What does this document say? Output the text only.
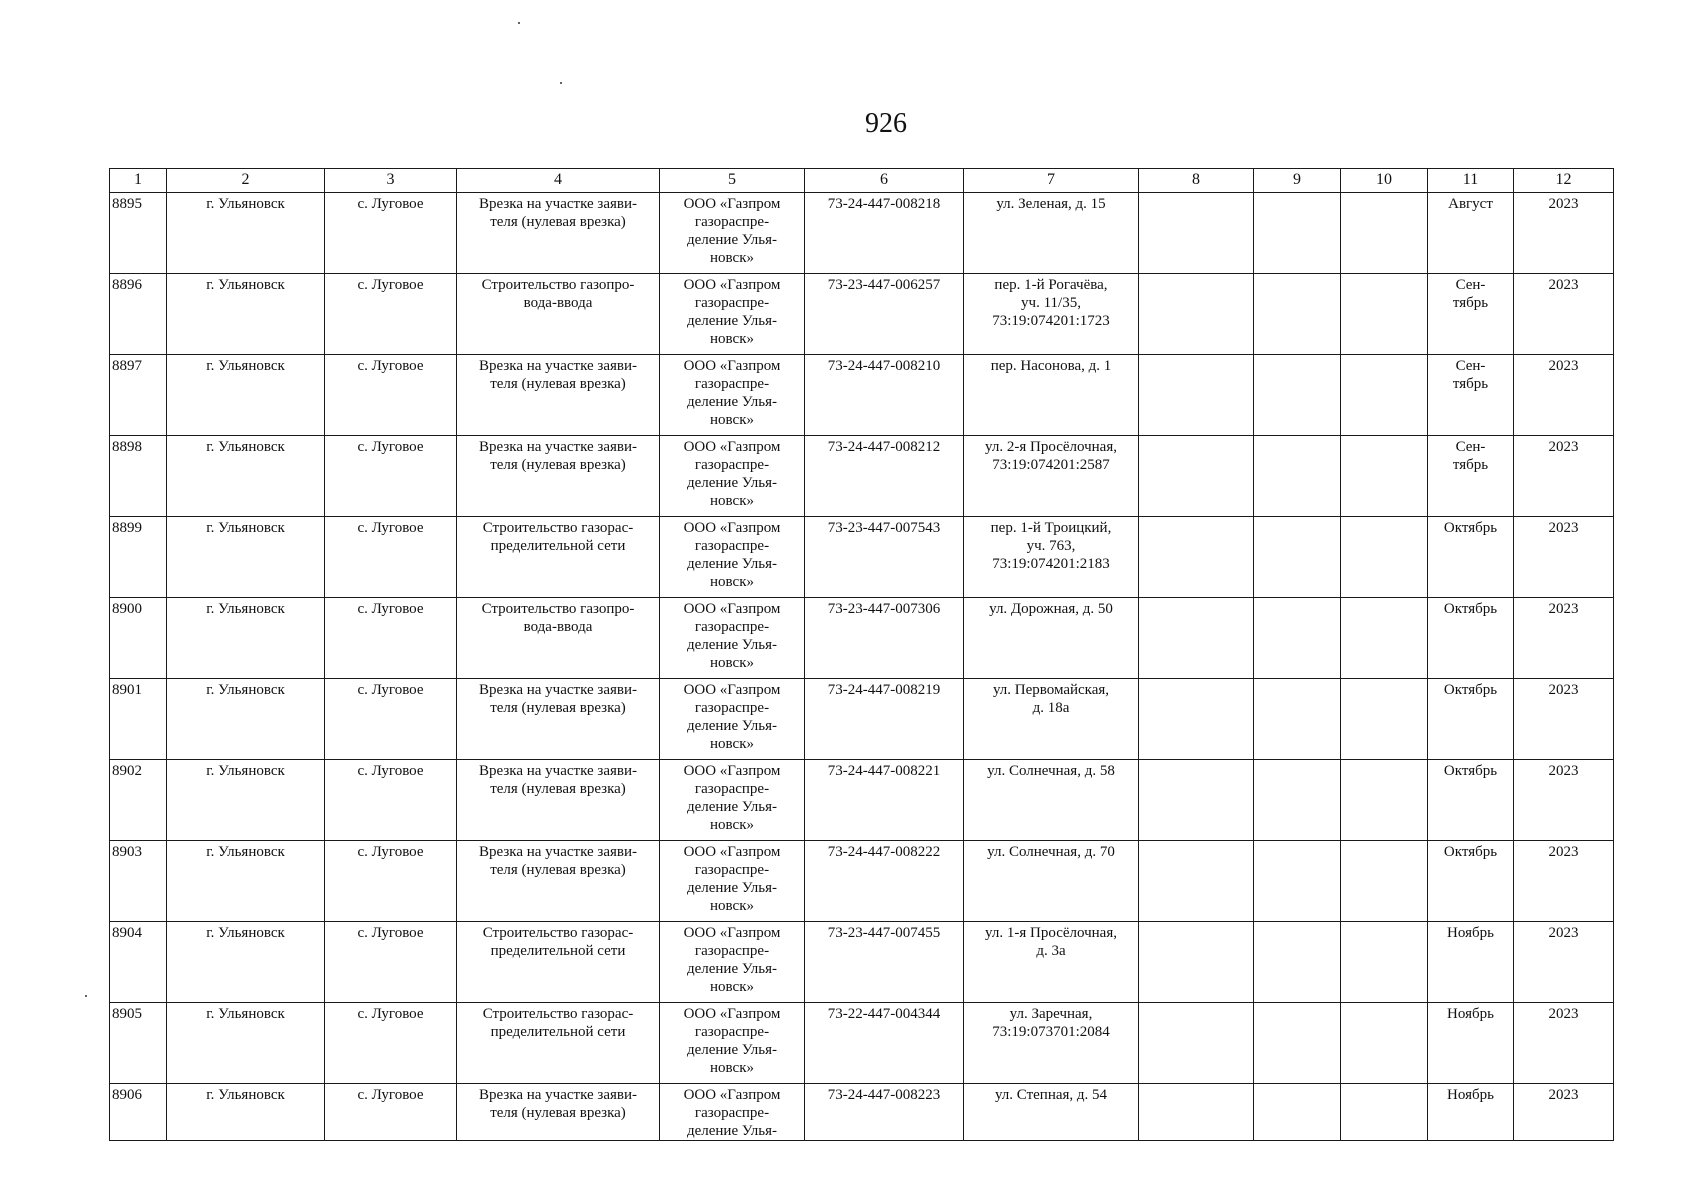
926
1	2	3	4	5	6	7	8	9	10	11	12
8895	г. Ульяновск	с. Луговое	Врезка на участке заяви-
теля (нулевая врезка)	ООО «Газпром
газораспре-
деление Улья-
новск»	73-24-447-008218	ул. Зеленая, д. 15				Август	2023
8896	г. Ульяновск	с. Луговое	Строительство газопро-
вода-ввода	ООО «Газпром
газораспре-
деление Улья-
новск»	73-23-447-006257	пер. 1-й Рогачёва,
уч. 11/35,
73:19:074201:1723				Сен-
тябрь	2023
8897	г. Ульяновск	с. Луговое	Врезка на участке заяви-
теля (нулевая врезка)	ООО «Газпром
газораспре-
деление Улья-
новск»	73-24-447-008210	пер. Насонова, д. 1				Сен-
тябрь	2023
8898	г. Ульяновск	с. Луговое	Врезка на участке заяви-
теля (нулевая врезка)	ООО «Газпром
газораспре-
деление Улья-
новск»	73-24-447-008212	ул. 2-я Просёлочная,
73:19:074201:2587				Сен-
тябрь	2023
8899	г. Ульяновск	с. Луговое	Строительство газорас-
пределительной сети	ООО «Газпром
газораспре-
деление Улья-
новск»	73-23-447-007543	пер. 1-й Троицкий,
уч. 763,
73:19:074201:2183				Октябрь	2023
8900	г. Ульяновск	с. Луговое	Строительство газопро-
вода-ввода	ООО «Газпром
газораспре-
деление Улья-
новск»	73-23-447-007306	ул. Дорожная, д. 50				Октябрь	2023
8901	г. Ульяновск	с. Луговое	Врезка на участке заяви-
теля (нулевая врезка)	ООО «Газпром
газораспре-
деление Улья-
новск»	73-24-447-008219	ул. Первомайская,
д. 18а				Октябрь	2023
8902	г. Ульяновск	с. Луговое	Врезка на участке заяви-
теля (нулевая врезка)	ООО «Газпром
газораспре-
деление Улья-
новск»	73-24-447-008221	ул. Солнечная, д. 58				Октябрь	2023
8903	г. Ульяновск	с. Луговое	Врезка на участке заяви-
теля (нулевая врезка)	ООО «Газпром
газораспре-
деление Улья-
новск»	73-24-447-008222	ул. Солнечная, д. 70				Октябрь	2023
8904	г. Ульяновск	с. Луговое	Строительство газорас-
пределительной сети	ООО «Газпром
газораспре-
деление Улья-
новск»	73-23-447-007455	ул. 1-я Просёлочная,
д. 3а				Ноябрь	2023
8905	г. Ульяновск	с. Луговое	Строительство газорас-
пределительной сети	ООО «Газпром
газораспре-
деление Улья-
новск»	73-22-447-004344	ул. Заречная,
73:19:073701:2084				Ноябрь	2023
8906	г. Ульяновск	с. Луговое	Врезка на участке заяви-
теля (нулевая врезка)	ООО «Газпром
газораспре-
деление Улья-	73-24-447-008223	ул. Степная, д. 54				Ноябрь	2023
